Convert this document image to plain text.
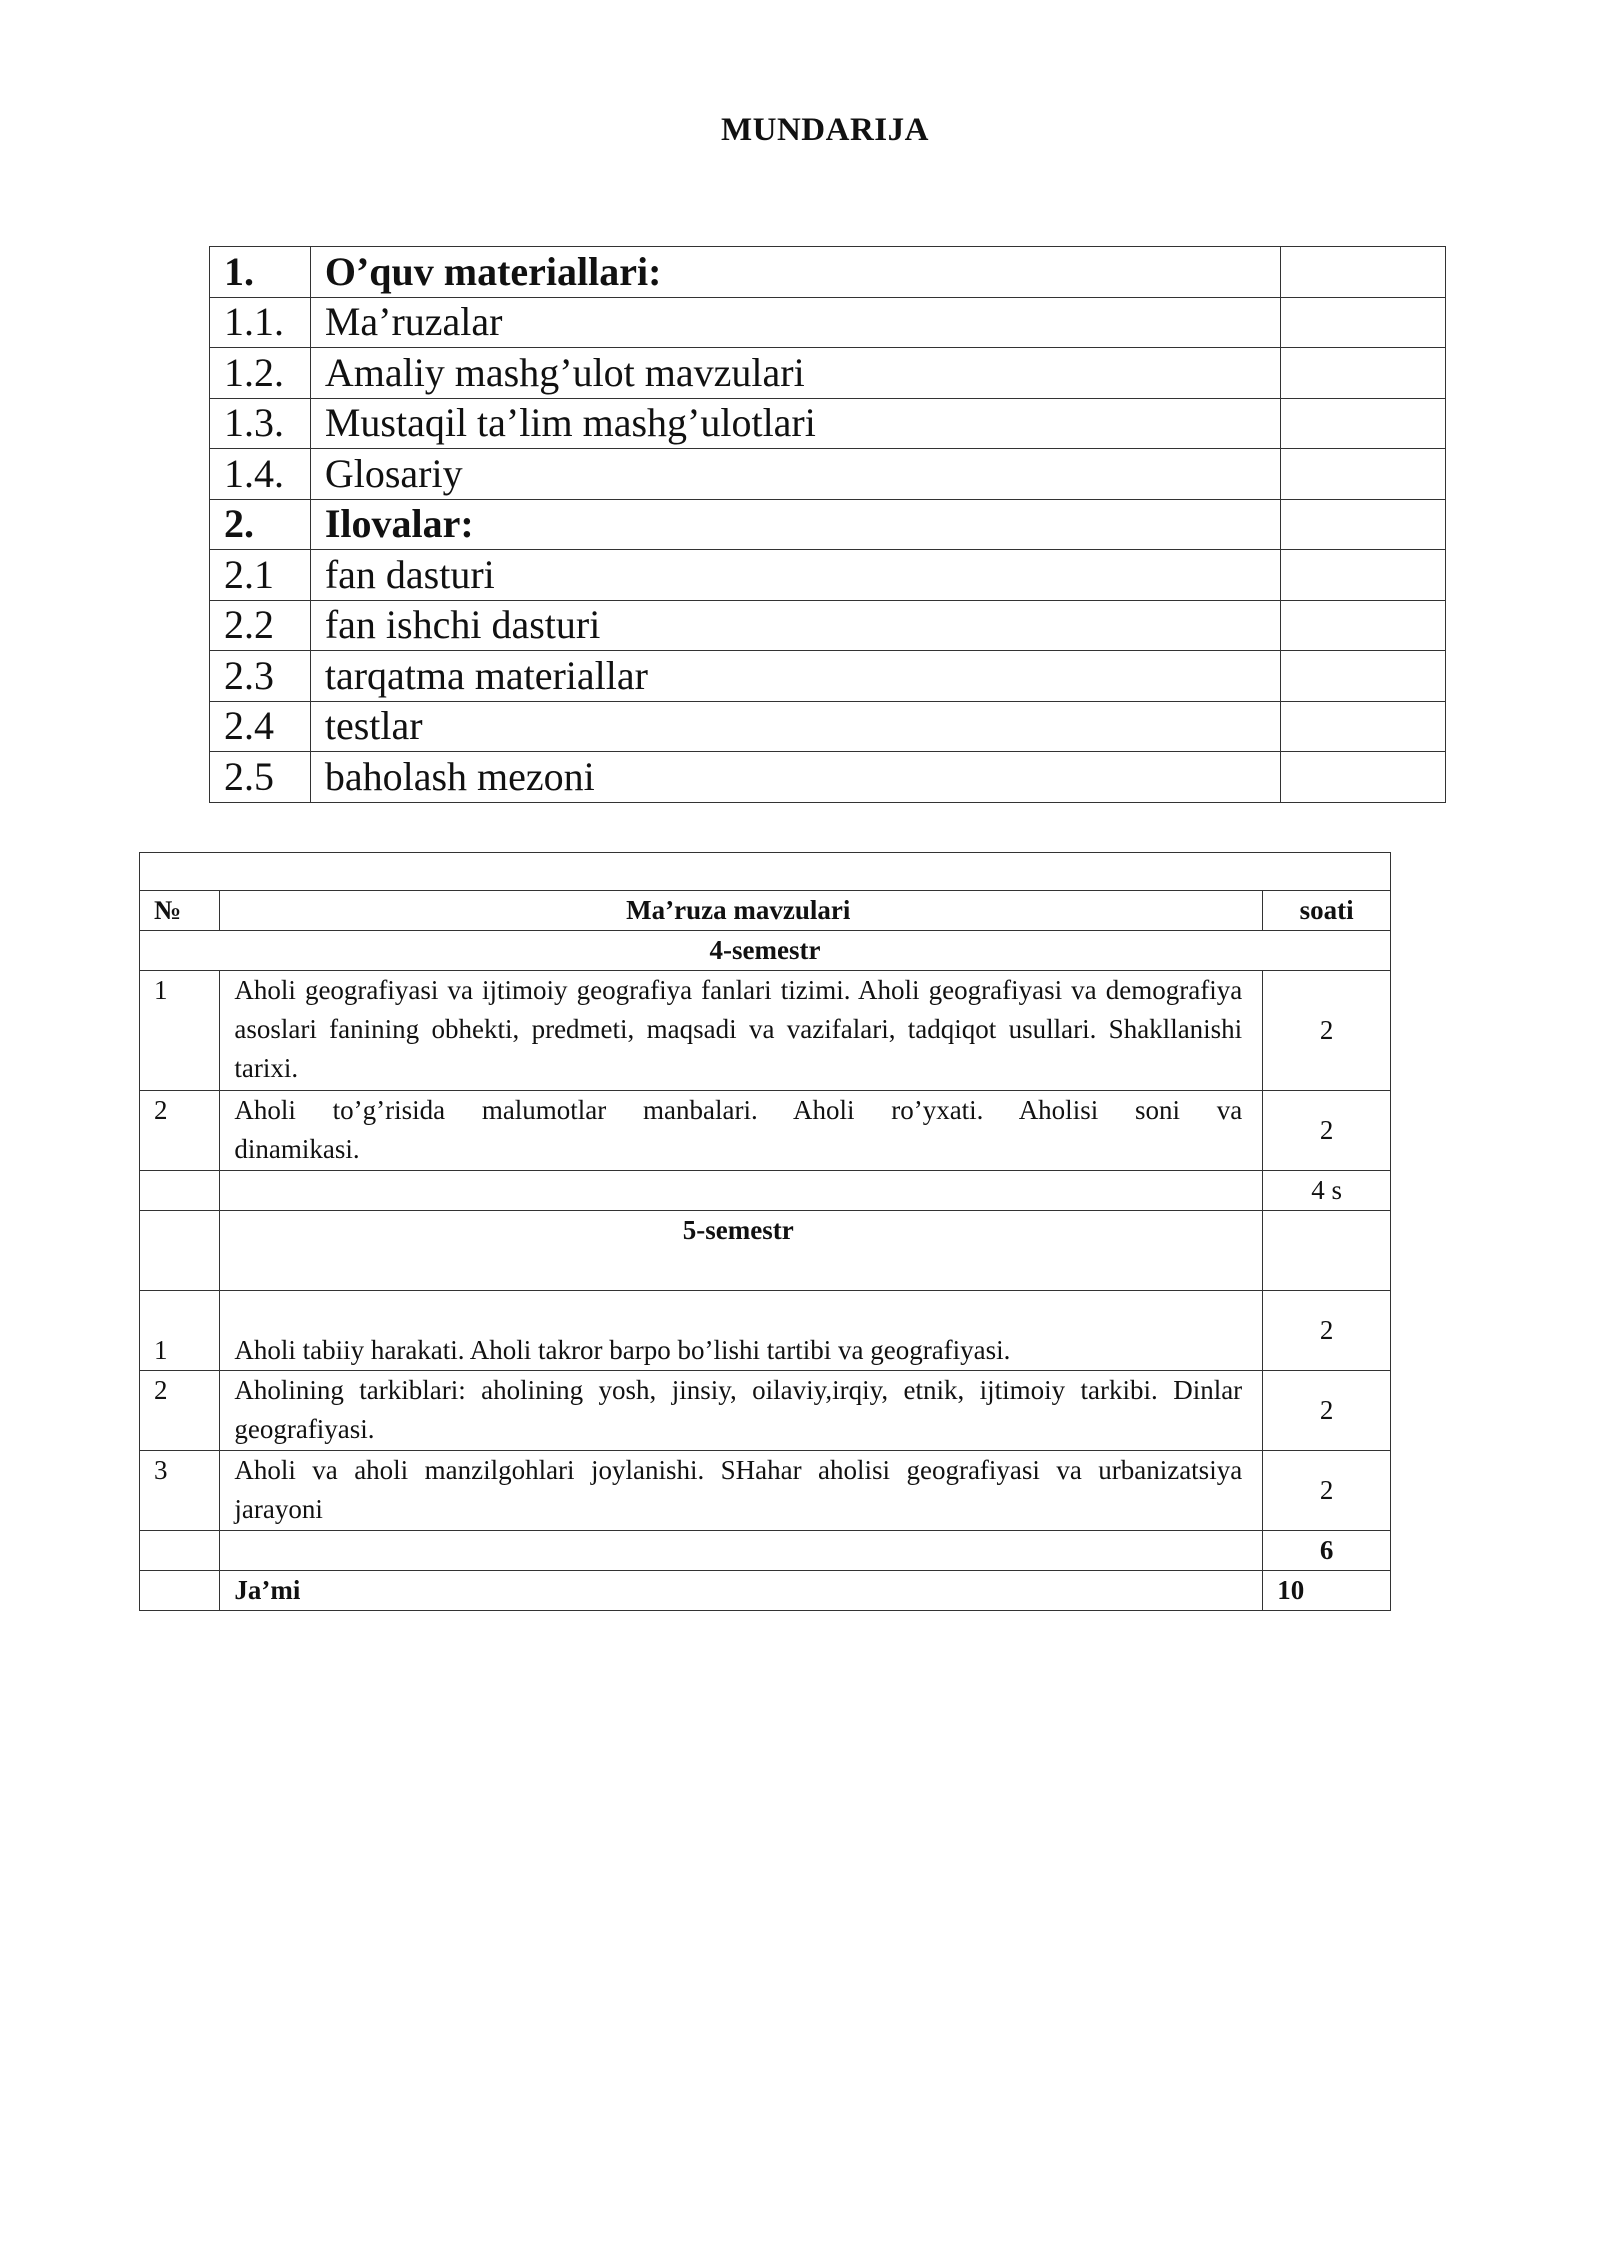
MUNDARIJA
1.	O’quv materiallari:	
1.1.	Ma’ruzalar	
1.2.	Amaliy mashg’ulot mavzulari	
1.3.	Mustaqil ta’lim mashg’ulotlari	
1.4.	Glosariy	
2.	Ilovalar:	
2.1	fan dasturi	
2.2	fan ishchi dasturi	
2.3	tarqatma materiallar	
2.4	testlar	
2.5	baholash mezoni	

№	Ma’ruza mavzulari	soati
4-semestr		
1	Aholi geografiyasi va ijtimoiy geografiya fanlari tizimi. Aholi geografiyasi va demografiya asoslari fanining obhekti, predmeti, maqsadi va vazifalari, tadqiqot usullari. Shakllanishi tarixi.	2
2	Aholi to’g’risida malumotlar manbalari. Aholi ro’yxati. Aholisi soni va dinamikasi.	2
		4 s
	5-semestr	
1	Aholi tabiiy harakati. Aholi takror barpo bo’lishi tartibi va geografiyasi.	2
2	Aholining tarkiblari: aholining yosh, jinsiy, oilaviy,irqiy, etnik, ijtimoiy tarkibi. Dinlar geografiyasi.	2
3	Aholi va aholi manzilgohlari joylanishi. SHahar aholisi geografiyasi va urbanizatsiya jarayoni	2
		6
	Ja’mi	10
